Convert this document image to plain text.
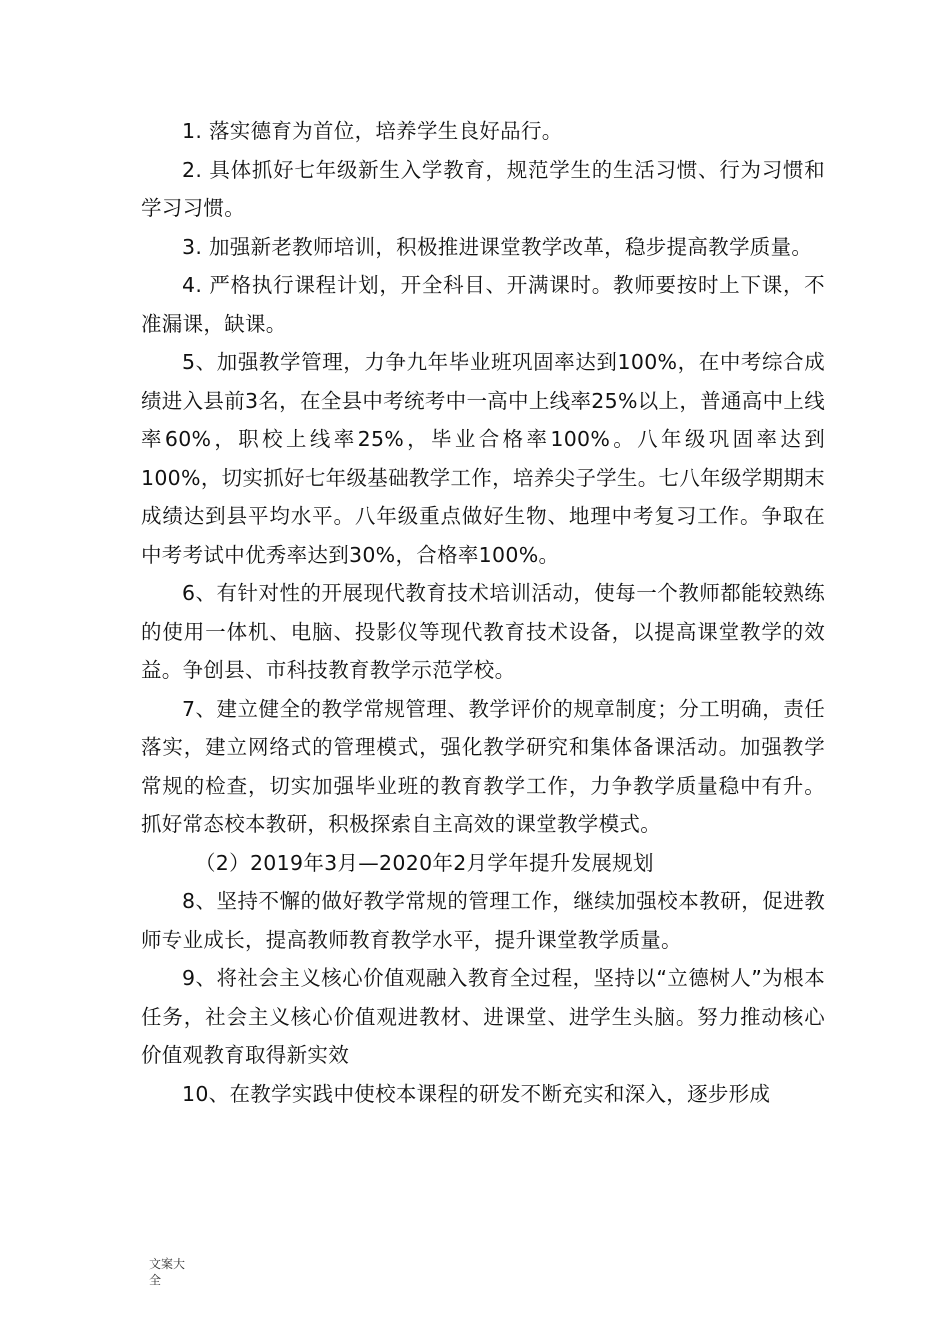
1. 落实德育为首位，培养学生良好品行。

2. 具体抓好七年级新生入学教育，规范学生的生活习惯、行为习惯和学习习惯。

3. 加强新老教师培训，积极推进课堂教学改革，稳步提高教学质量。

4. 严格执行课程计划，开全科目、开满课时。教师要按时上下课，不准漏课，缺课。

5、加强教学管理，力争九年毕业班巩固率达到100%，在中考综合成绩进入县前3名，在全县中考统考中一高中上线率25%以上，普通高中上线率60%，职校上线率25%，毕业合格率100%。八年级巩固率达到100%，切实抓好七年级基础教学工作，培养尖子学生。七八年级学期期末成绩达到县平均水平。八年级重点做好生物、地理中考复习工作。争取在中考考试中优秀率达到30%，合格率100%。

6、有针对性的开展现代教育技术培训活动，使每一个教师都能较熟练的使用一体机、电脑、投影仪等现代教育技术设备，以提高课堂教学的效益。争创县、市科技教育教学示范学校。

7、建立健全的教学常规管理、教学评价的规章制度；分工明确，责任落实，建立网络式的管理模式，强化教学研究和集体备课活动。加强教学常规的检查，切实加强毕业班的教育教学工作，力争教学质量稳中有升。抓好常态校本教研，积极探索自主高效的课堂教学模式。

（2）2019年3月—2020年2月学年提升发展规划

8、坚持不懈的做好教学常规的管理工作，继续加强校本教研，促进教师专业成长，提高教师教育教学水平，提升课堂教学质量。

9、将社会主义核心价值观融入教育全过程，坚持以“立德树人”为根本任务，社会主义核心价值观进教材、进课堂、进学生头脑。努力推动核心价值观教育取得新实效

10、在教学实践中使校本课程的研发不断充实和深入，逐步形成

文案大全
